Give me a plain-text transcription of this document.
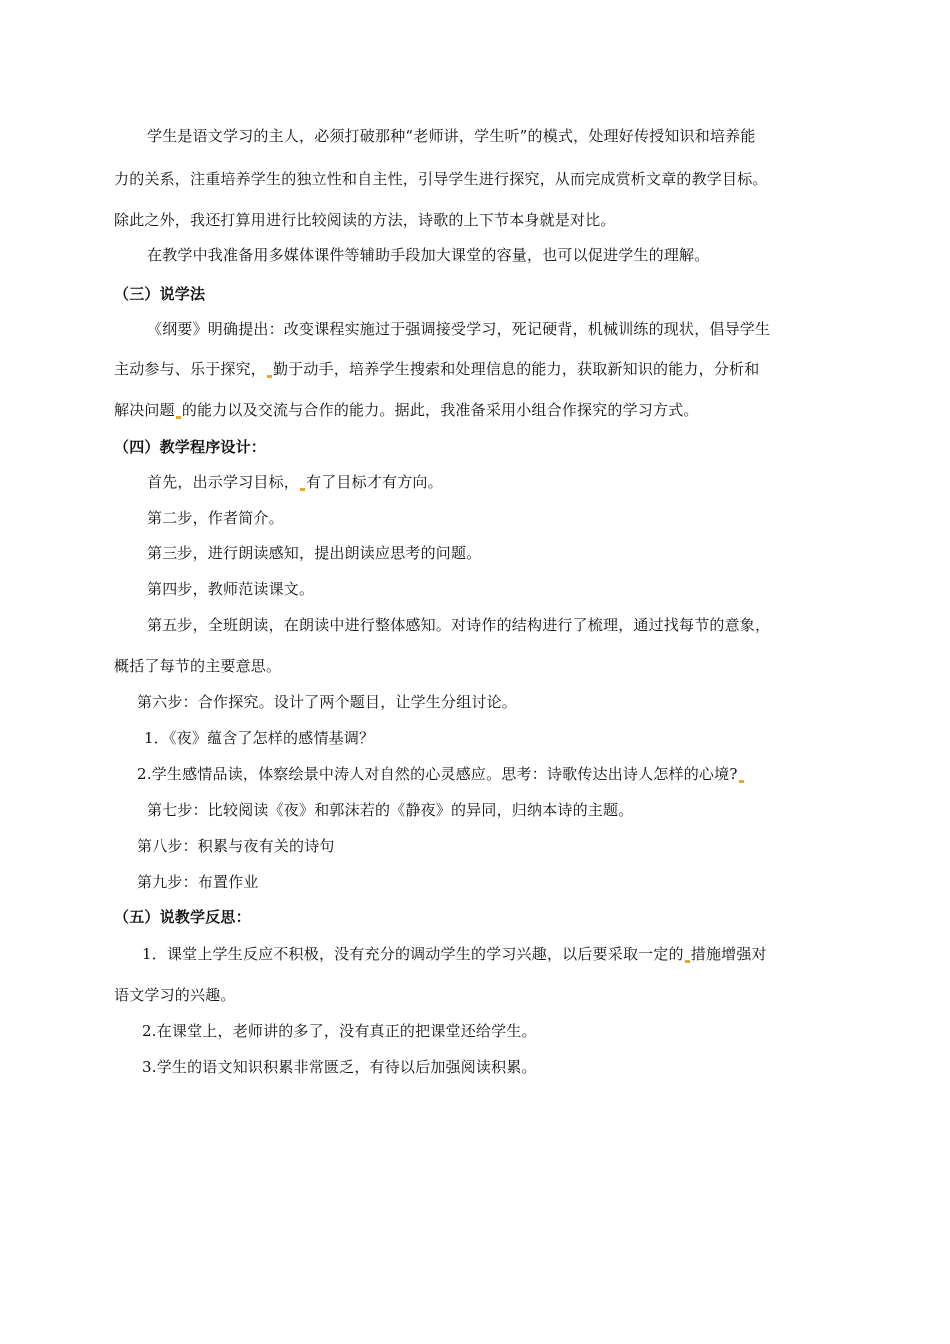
学生是语文学习的主人，必须打破那种“老师讲，学生听”的模式，处理好传授知识和培养能
力的关系，注重培养学生的独立性和自主性，引导学生进行探究，从而完成赏析文章的教学目标。
除此之外，我还打算用进行比较阅读的方法，诗歌的上下节本身就是对比。
在教学中我准备用多媒体课件等辅助手段加大课堂的容量，也可以促进学生的理解。
（三）说学法
《纲要》明确提出：改变课程实施过于强调接受学习，死记硬背，机械训练的现状，倡导学生
主动参与、乐于探究， 勤于动手，培养学生搜索和处理信息的能力，获取新知识的能力，分析和
解决问题 的能力以及交流与合作的能力。据此，我准备采用小组合作探究的学习方式。
（四）教学程序设计：
首先，出示学习目标， 有了目标才有方向。
第二步，作者简介。
第三步，进行朗读感知，提出朗读应思考的问题。
第四步，教师范读课文。
第五步，全班朗读，在朗读中进行整体感知。对诗作的结构进行了梳理，通过找每节的意象，
概括了每节的主要意思。
第六步：合作探究。设计了两个题目，让学生分组讨论。
1．《夜》蕴含了怎样的感情基调？
2.学生感情品读，体察绘景中涛人对自然的心灵感应。思考：诗歌传达出诗人怎样的心境?
第七步：比较阅读《夜》和郭沫若的《静夜》的异同，归纳本诗的主题。
第八步：积累与夜有关的诗句
第九步：布置作业
（五）说教学反思：
1．课堂上学生反应不积极，没有充分的调动学生的学习兴趣，以后要采取一定的 措施增强对
语文学习的兴趣。
2.在课堂上，老师讲的多了，没有真正的把课堂还给学生。
3.学生的语文知识积累非常匮乏，有待以后加强阅读积累。
